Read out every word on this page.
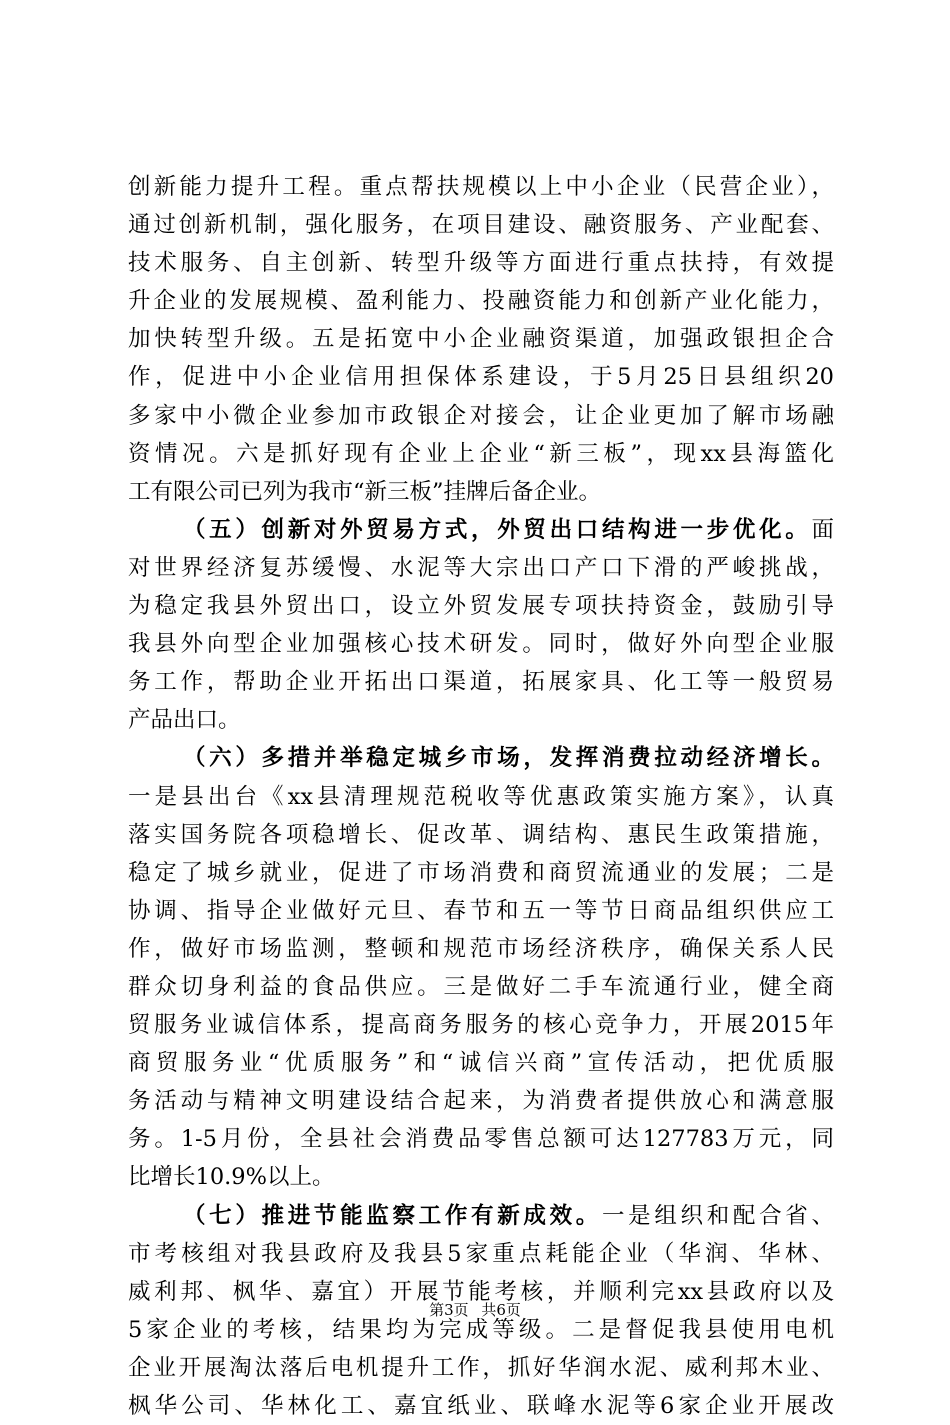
创新能力提升工程。重点帮扶规模以上中小企业（民营企业），
通过创新机制，强化服务，在项目建设、融资服务、产业配套、
技术服务、自主创新、转型升级等方面进行重点扶持，有效提
升企业的发展规模、盈利能力、投融资能力和创新产业化能力，
加快转型升级。五是拓宽中小企业融资渠道，加强政银担企合
作，促进中小企业信用担保体系建设，于5月25日县组织20
多家中小微企业参加市政银企对接会，让企业更加了解市场融
资情况。六是抓好现有企业上企业“新三板”，现xx县海篮化
工有限公司已列为我市“新三板”挂牌后备企业。
（五）创新对外贸易方式，外贸出口结构进一步优化。面
对世界经济复苏缓慢、水泥等大宗出口产口下滑的严峻挑战，
为稳定我县外贸出口，设立外贸发展专项扶持资金，鼓励引导
我县外向型企业加强核心技术研发。同时，做好外向型企业服
务工作，帮助企业开拓出口渠道，拓展家具、化工等一般贸易
产品出口。
（六）多措并举稳定城乡市场，发挥消费拉动经济增长。
一是县出台《xx县清理规范税收等优惠政策实施方案》，认真
落实国务院各项稳增长、促改革、调结构、惠民生政策措施，
稳定了城乡就业，促进了市场消费和商贸流通业的发展；二是
协调、指导企业做好元旦、春节和五一等节日商品组织供应工
作，做好市场监测，整顿和规范市场经济秩序，确保关系人民
群众切身利益的食品供应。三是做好二手车流通行业，健全商
贸服务业诚信体系，提高商务服务的核心竞争力，开展2015年
商贸服务业“优质服务”和“诚信兴商”宣传活动，把优质服
务活动与精神文明建设结合起来，为消费者提供放心和满意服
务。1-5月份，全县社会消费品零售总额可达127783万元，同
比增长10.9%以上。
（七）推进节能监察工作有新成效。一是组织和配合省、
市考核组对我县政府及我县5家重点耗能企业（华润、华林、
威利邦、枫华、嘉宜）开展节能考核，并顺利完xx县政府以及
5家企业的考核，结果均为完成等级。二是督促我县使用电机
企业开展淘汰落后电机提升工作，抓好华润水泥、威利邦木业、
枫华公司、华林化工、嘉宜纸业、联峰水泥等6家企业开展改
第3页 共6页
